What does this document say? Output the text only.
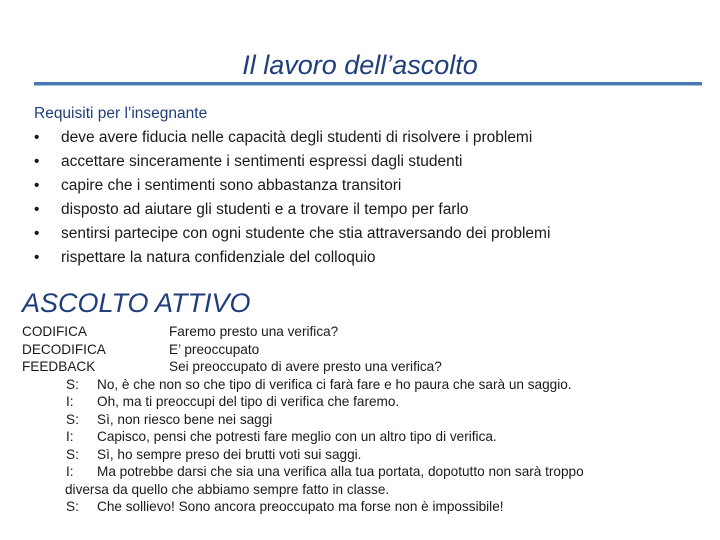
Il lavoro dell’ascolto
Requisiti per l’insegnante
• deve avere fiducia nelle capacità degli studenti di risolvere i problemi
• accettare sinceramente i sentimenti espressi dagli studenti
• capire che i sentimenti sono abbastanza transitori
• disposto ad aiutare gli studenti e a trovare il tempo per farlo
• sentirsi partecipe con ogni studente che stia attraversando dei problemi
• rispettare la natura confidenziale del colloquio
ASCOLTO ATTIVO
CODIFICA	Faremo presto una verifica?
DECODIFICA	E’ preoccupato
FEEDBACK	Sei preoccupato di avere presto una verifica?
S: No, è che non so che tipo di verifica ci farà fare e ho paura che sarà un saggio.
I: Oh, ma ti preoccupi del tipo di verifica che faremo.
S: Sì, non riesco bene nei saggi
I: Capisco, pensi che potresti fare meglio con un altro tipo di verifica.
S: Sì, ho sempre preso dei brutti voti sui saggi.
I: Ma potrebbe darsi che sia una verifica alla tua portata, dopotutto non sarà troppo
diversa da quello che abbiamo sempre fatto in classe.
S: Che sollievo! Sono ancora preoccupato ma forse non è impossibile!
